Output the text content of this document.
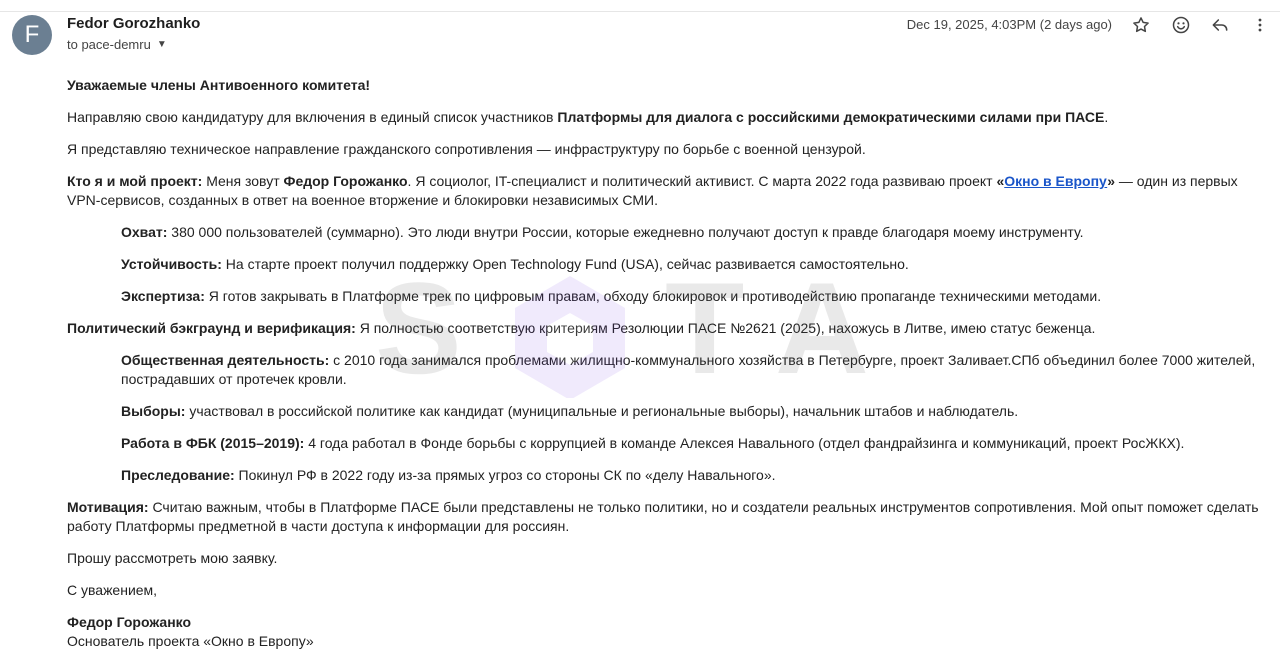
F	Fedor Gorozhanko
to pace-demru ▼
Dec 19, 2025, 4:03PM (2 days ago)
Уважаемые члены Антивоенного комитета!
Направляю свою кандидатуру для включения в единый список участников Платформы для диалога с российскими демократическими силами при ПАСЕ.
Я представляю техническое направление гражданского сопротивления — инфраструктуру по борьбе с военной цензурой.
Кто я и мой проект: Меня зовут Федор Горожанко. Я социолог, IT-специалист и политический активист. С марта 2022 года развиваю проект «Окно в Европу» — один из первых VPN-сервисов, созданных в ответ на военное вторжение и блокировки независимых СМИ.
Охват: 380 000 пользователей (суммарно). Это люди внутри России, которые ежедневно получают доступ к правде благодаря моему инструменту.
Устойчивость: На старте проект получил поддержку Open Technology Fund (USA), сейчас развивается самостоятельно.
Экспертиза: Я готов закрывать в Платформе трек по цифровым правам, обходу блокировок и противодействию пропаганде техническими методами.
Политический бэкграунд и верификация: Я полностью соответствую критериям Резолюции ПАСЕ №2621 (2025), нахожусь в Литве, имею статус беженца.
Общественная деятельность: с 2010 года занимался проблемами жилищно-коммунального хозяйства в Петербурге, проект Заливает.СПб объединил более 7000 жителей, пострадавших от протечек кровли.
Выборы: участвовал в российской политике как кандидат (муниципальные и региональные выборы), начальник штабов и наблюдатель.
Работа в ФБК (2015–2019): 4 года работал в Фонде борьбы с коррупцией в команде Алексея Навального (отдел фандрайзинга и коммуникаций, проект РосЖКХ).
Преследование: Покинул РФ в 2022 году из-за прямых угроз со стороны СК по «делу Навального».
Мотивация: Считаю важным, чтобы в Платформе ПАСЕ были представлены не только политики, но и создатели реальных инструментов сопротивления. Мой опыт поможет сделать работу Платформы предметной в части доступа к информации для россиян.
Прошу рассмотреть мою заявку.
С уважением,
Федор Горожанко
Основатель проекта «Окно в Европу»
S T A
